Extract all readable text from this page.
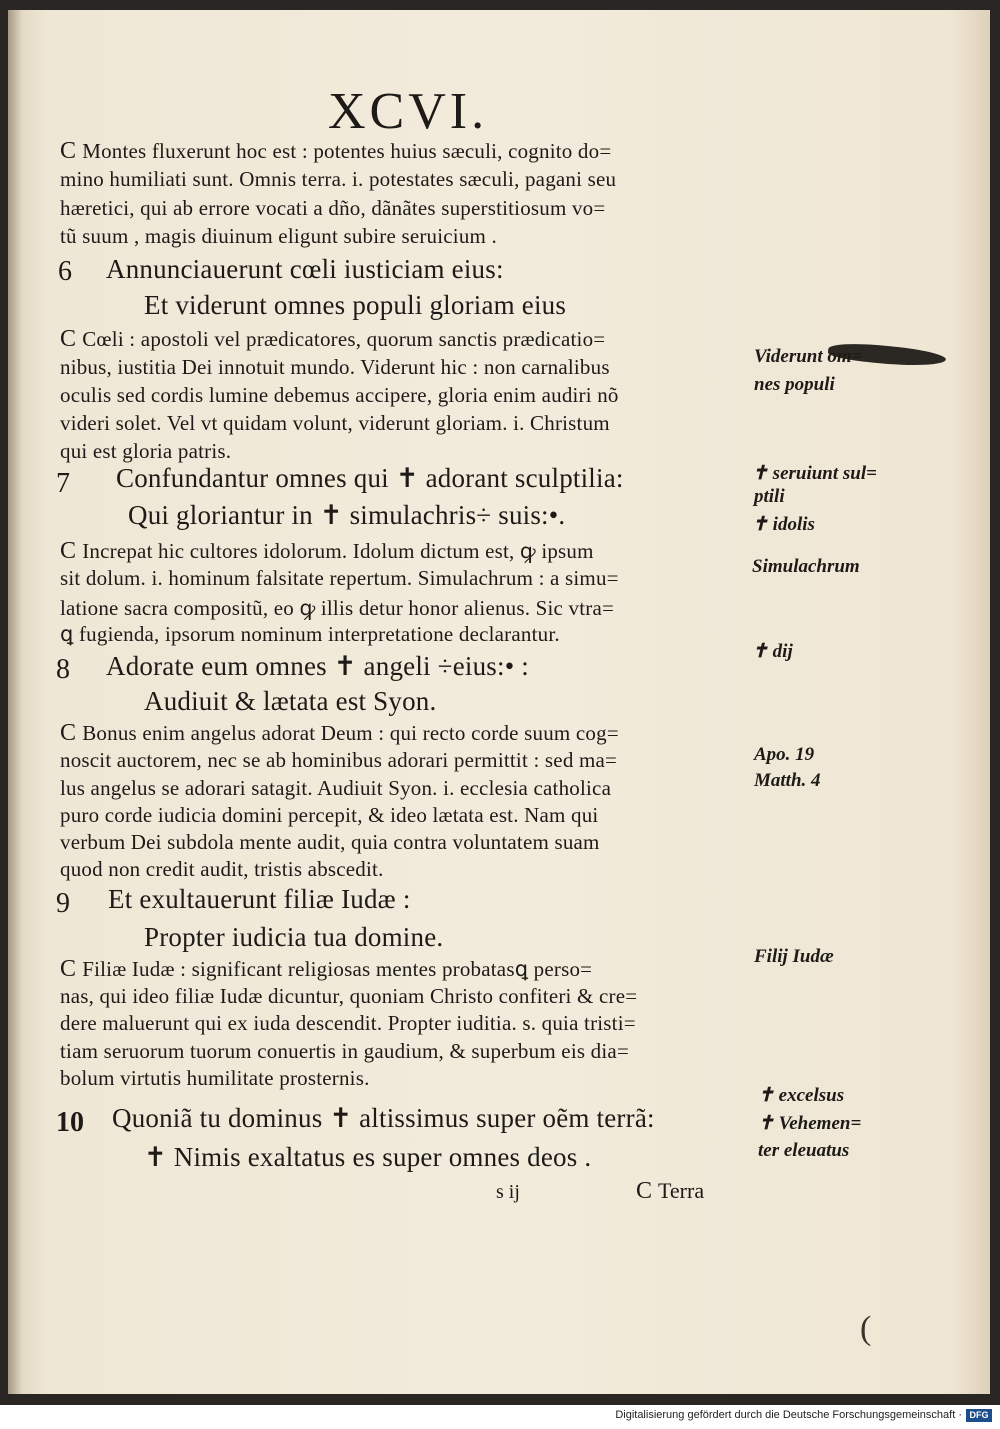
XCVI.
C Montes fluxerunt hoc est : potentes huius sæculi, cognito do=
mino humiliati sunt. Omnis terra. i. potestates sæculi, pagani seu
hæretici, qui ab errore vocati a dño, dãnãtes superstitiosum vo=
tũ suum , magis diuinum eligunt subire seruicium .
6 Annunciauerunt cœli iusticiam eius:
Et viderunt omnes populi gloriam eius
C Cœli : apostoli vel prædicatores, quorum sanctis prædicatio=
nibus, iustitia Dei innotuit mundo. Viderunt hic : non carnalibus
oculis sed cordis lumine debemus accipere, gloria enim audiri nõ
videri solet. Vel vt quidam volunt, viderunt gloriam. i. Christum
qui est gloria patris.
7 Confundantur omnes qui ✝ adorant sculptilia:
Qui gloriantur in ✝ simulachris÷ suis:•.
C Increpat hic cultores idolorum. Idolum dictum est, ꝙ ipsum
sit dolum. i. hominum falsitate repertum. Simulachrum : a simu=
latione sacra compositũ, eo ꝙ illis detur honor alienus. Sic vtra=
ꝗ fugienda, ipsorum nominum interpretatione declarantur.
8 Adorate eum omnes ✝ angeli ÷eius:• :
Audiuit & lætata est Syon.
C Bonus enim angelus adorat Deum : qui recto corde suum cog=
noscit auctorem, nec se ab hominibus adorari permittit : sed ma=
lus angelus se adorari satagit. Audiuit Syon. i. ecclesia catholica
puro corde iudicia domini percepit, & ideo lætata est. Nam qui
verbum Dei subdola mente audit, quia contra voluntatem suam
quod non credit audit, tristis abscedit.
9 Et exultauerunt filiæ Iudæ :
Propter iudicia tua domine.
C Filiæ Iudæ : significant religiosas mentes probatasꝗ perso=
nas, qui ideo filiæ Iudæ dicuntur, quoniam Christo confiteri & cre=
dere maluerunt qui ex iuda descendit. Propter iuditia. s. quia tristi=
tiam seruorum tuorum conuertis in gaudium, & superbum eis dia=
bolum virtutis humilitate prosternis.
10 Quoniã tu dominus ✝ altissimus super oẽm terrã:
✝ Nimis exaltatus es super omnes deos .
s ij	C Terra
Viderunt om=
nes populi
✝ seruiunt sul=
ptili
✝ idolis
Simulachrum
✝ dij
Apo. 19
Matth. 4
Filij Iudæ
✝ excelsus
✝ Vehemen=
ter eleuatus
(
Digitalisierung gefördert durch die Deutsche Forschungsgemeinschaft · DFG
